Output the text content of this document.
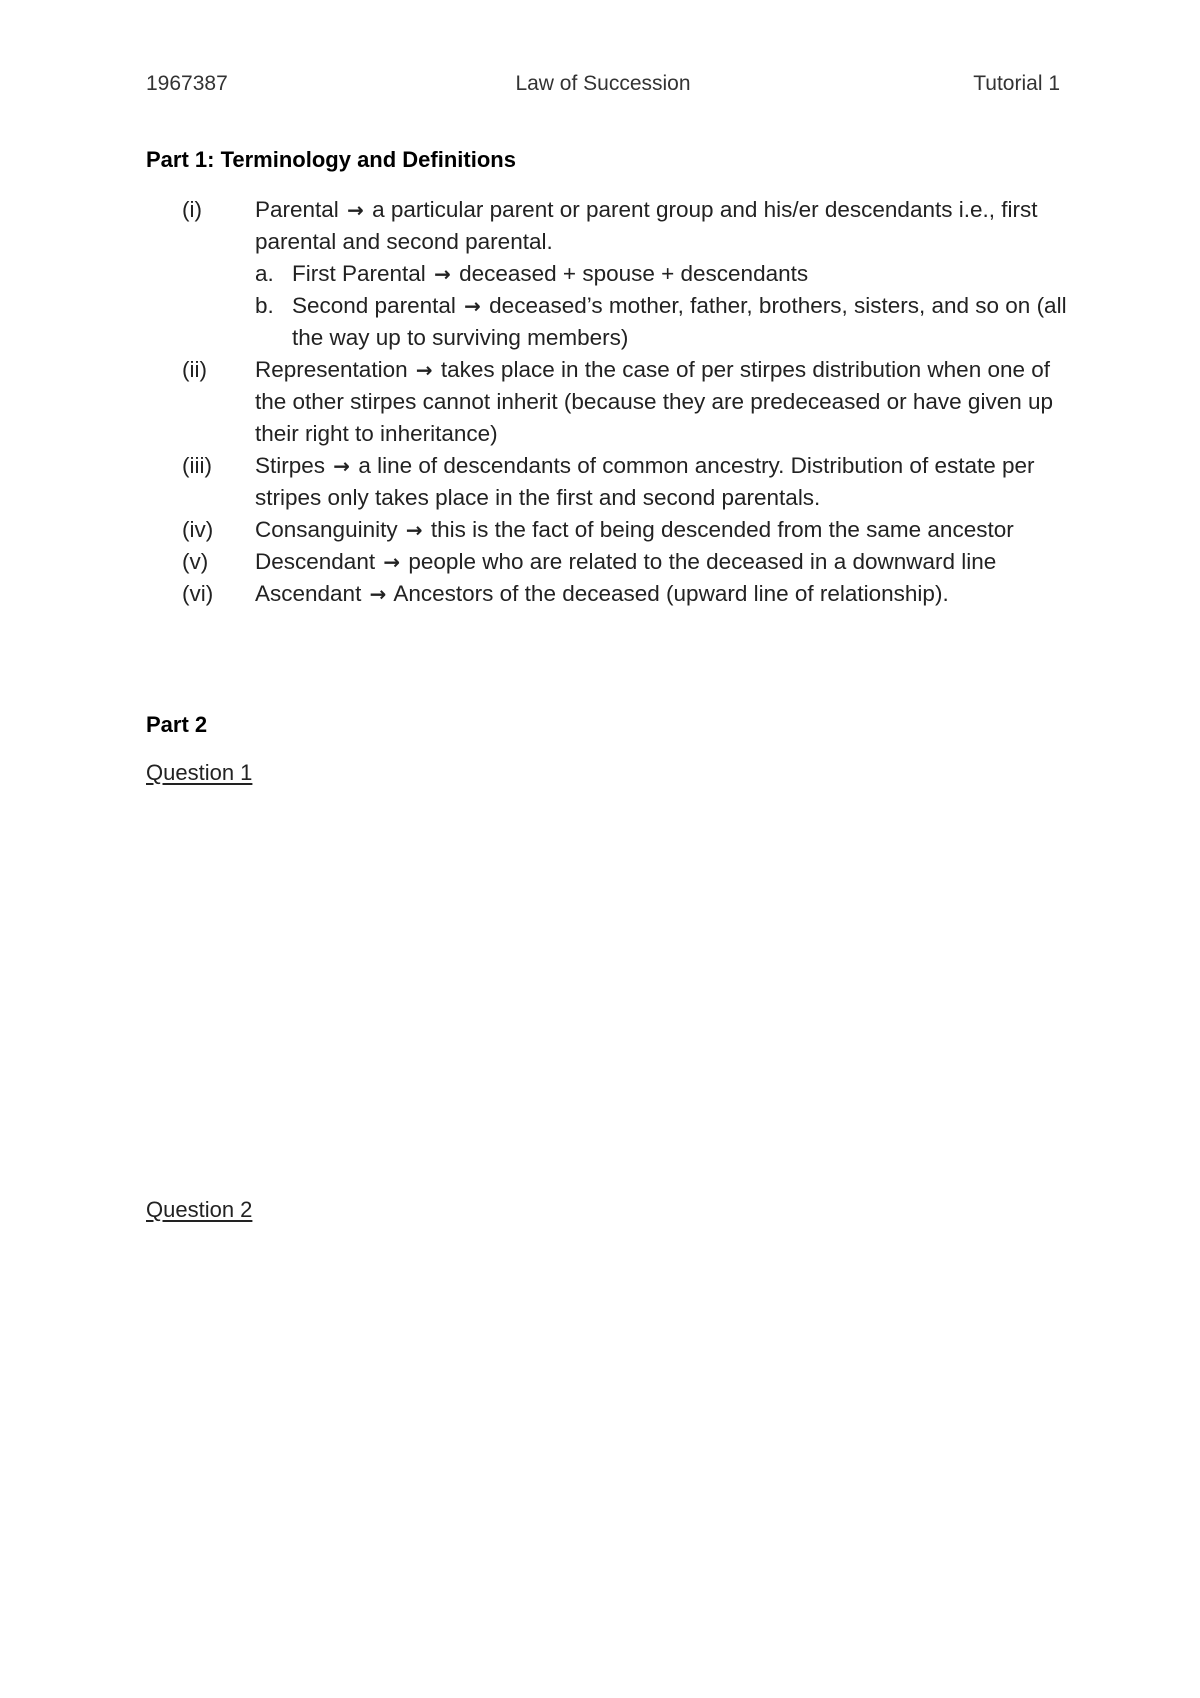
1967387	Law of Succession	Tutorial 1
Part 1: Terminology and Definitions
(i)	Parental → a particular parent or parent group and his/er descendants i.e., first parental and second parental.
a. First Parental → deceased + spouse + descendants
b. Second parental → deceased’s mother, father, brothers, sisters, and so on (all the way up to surviving members)
(ii)	Representation → takes place in the case of per stirpes distribution when one of the other stirpes cannot inherit (because they are predeceased or have given up their right to inheritance)
(iii)	Stirpes → a line of descendants of common ancestry. Distribution of estate per stripes only takes place in the first and second parentals.
(iv)	Consanguinity → this is the fact of being descended from the same ancestor
(v)	Descendant → people who are related to the deceased in a downward line
(vi)	Ascendant → Ancestors of the deceased (upward line of relationship).
Part 2
Question 1
Question 2
